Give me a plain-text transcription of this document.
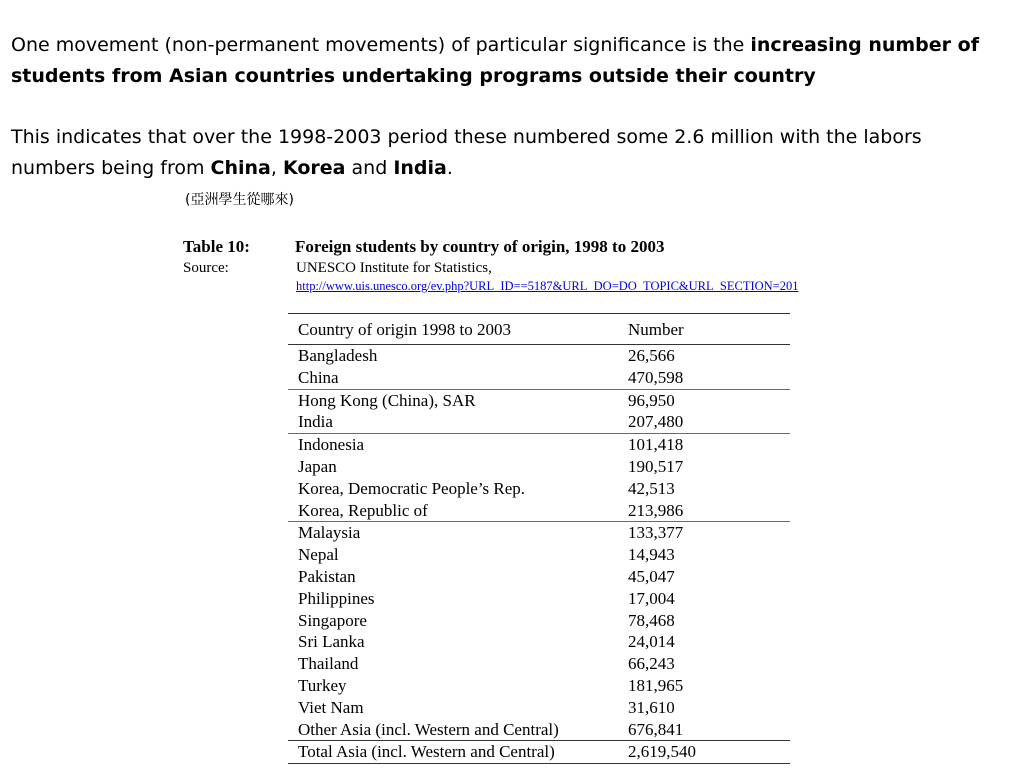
One movement (non-permanent movements) of particular significance is the increasing number of students from Asian countries undertaking programs outside their country

This indicates that over the 1998-2003 period these numbered some 2.6 million with the labors numbers being from China, Korea and India.

(亞洲學生從哪來)
Table 10:	Foreign students by country of origin, 1998 to 2003
Source:	UNESCO Institute for Statistics,
http://www.uis.unesco.org/ev.php?URL_ID==5187&URL_DO=DO_TOPIC&URL_SECTION=201
Country of origin 1998 to 2003	Number
Bangladesh	26,566
China	470,598
Hong Kong (China), SAR	96,950
India	207,480
Indonesia	101,418
Japan	190,517
Korea, Democratic People’s Rep.	42,513
Korea, Republic of	213,986
Malaysia	133,377
Nepal	14,943
Pakistan	45,047
Philippines	17,004
Singapore	78,468
Sri Lanka	24,014
Thailand	66,243
Turkey	181,965
Viet Nam	31,610
Other Asia (incl. Western and Central)	676,841
Total Asia (incl. Western and Central)	2,619,540
